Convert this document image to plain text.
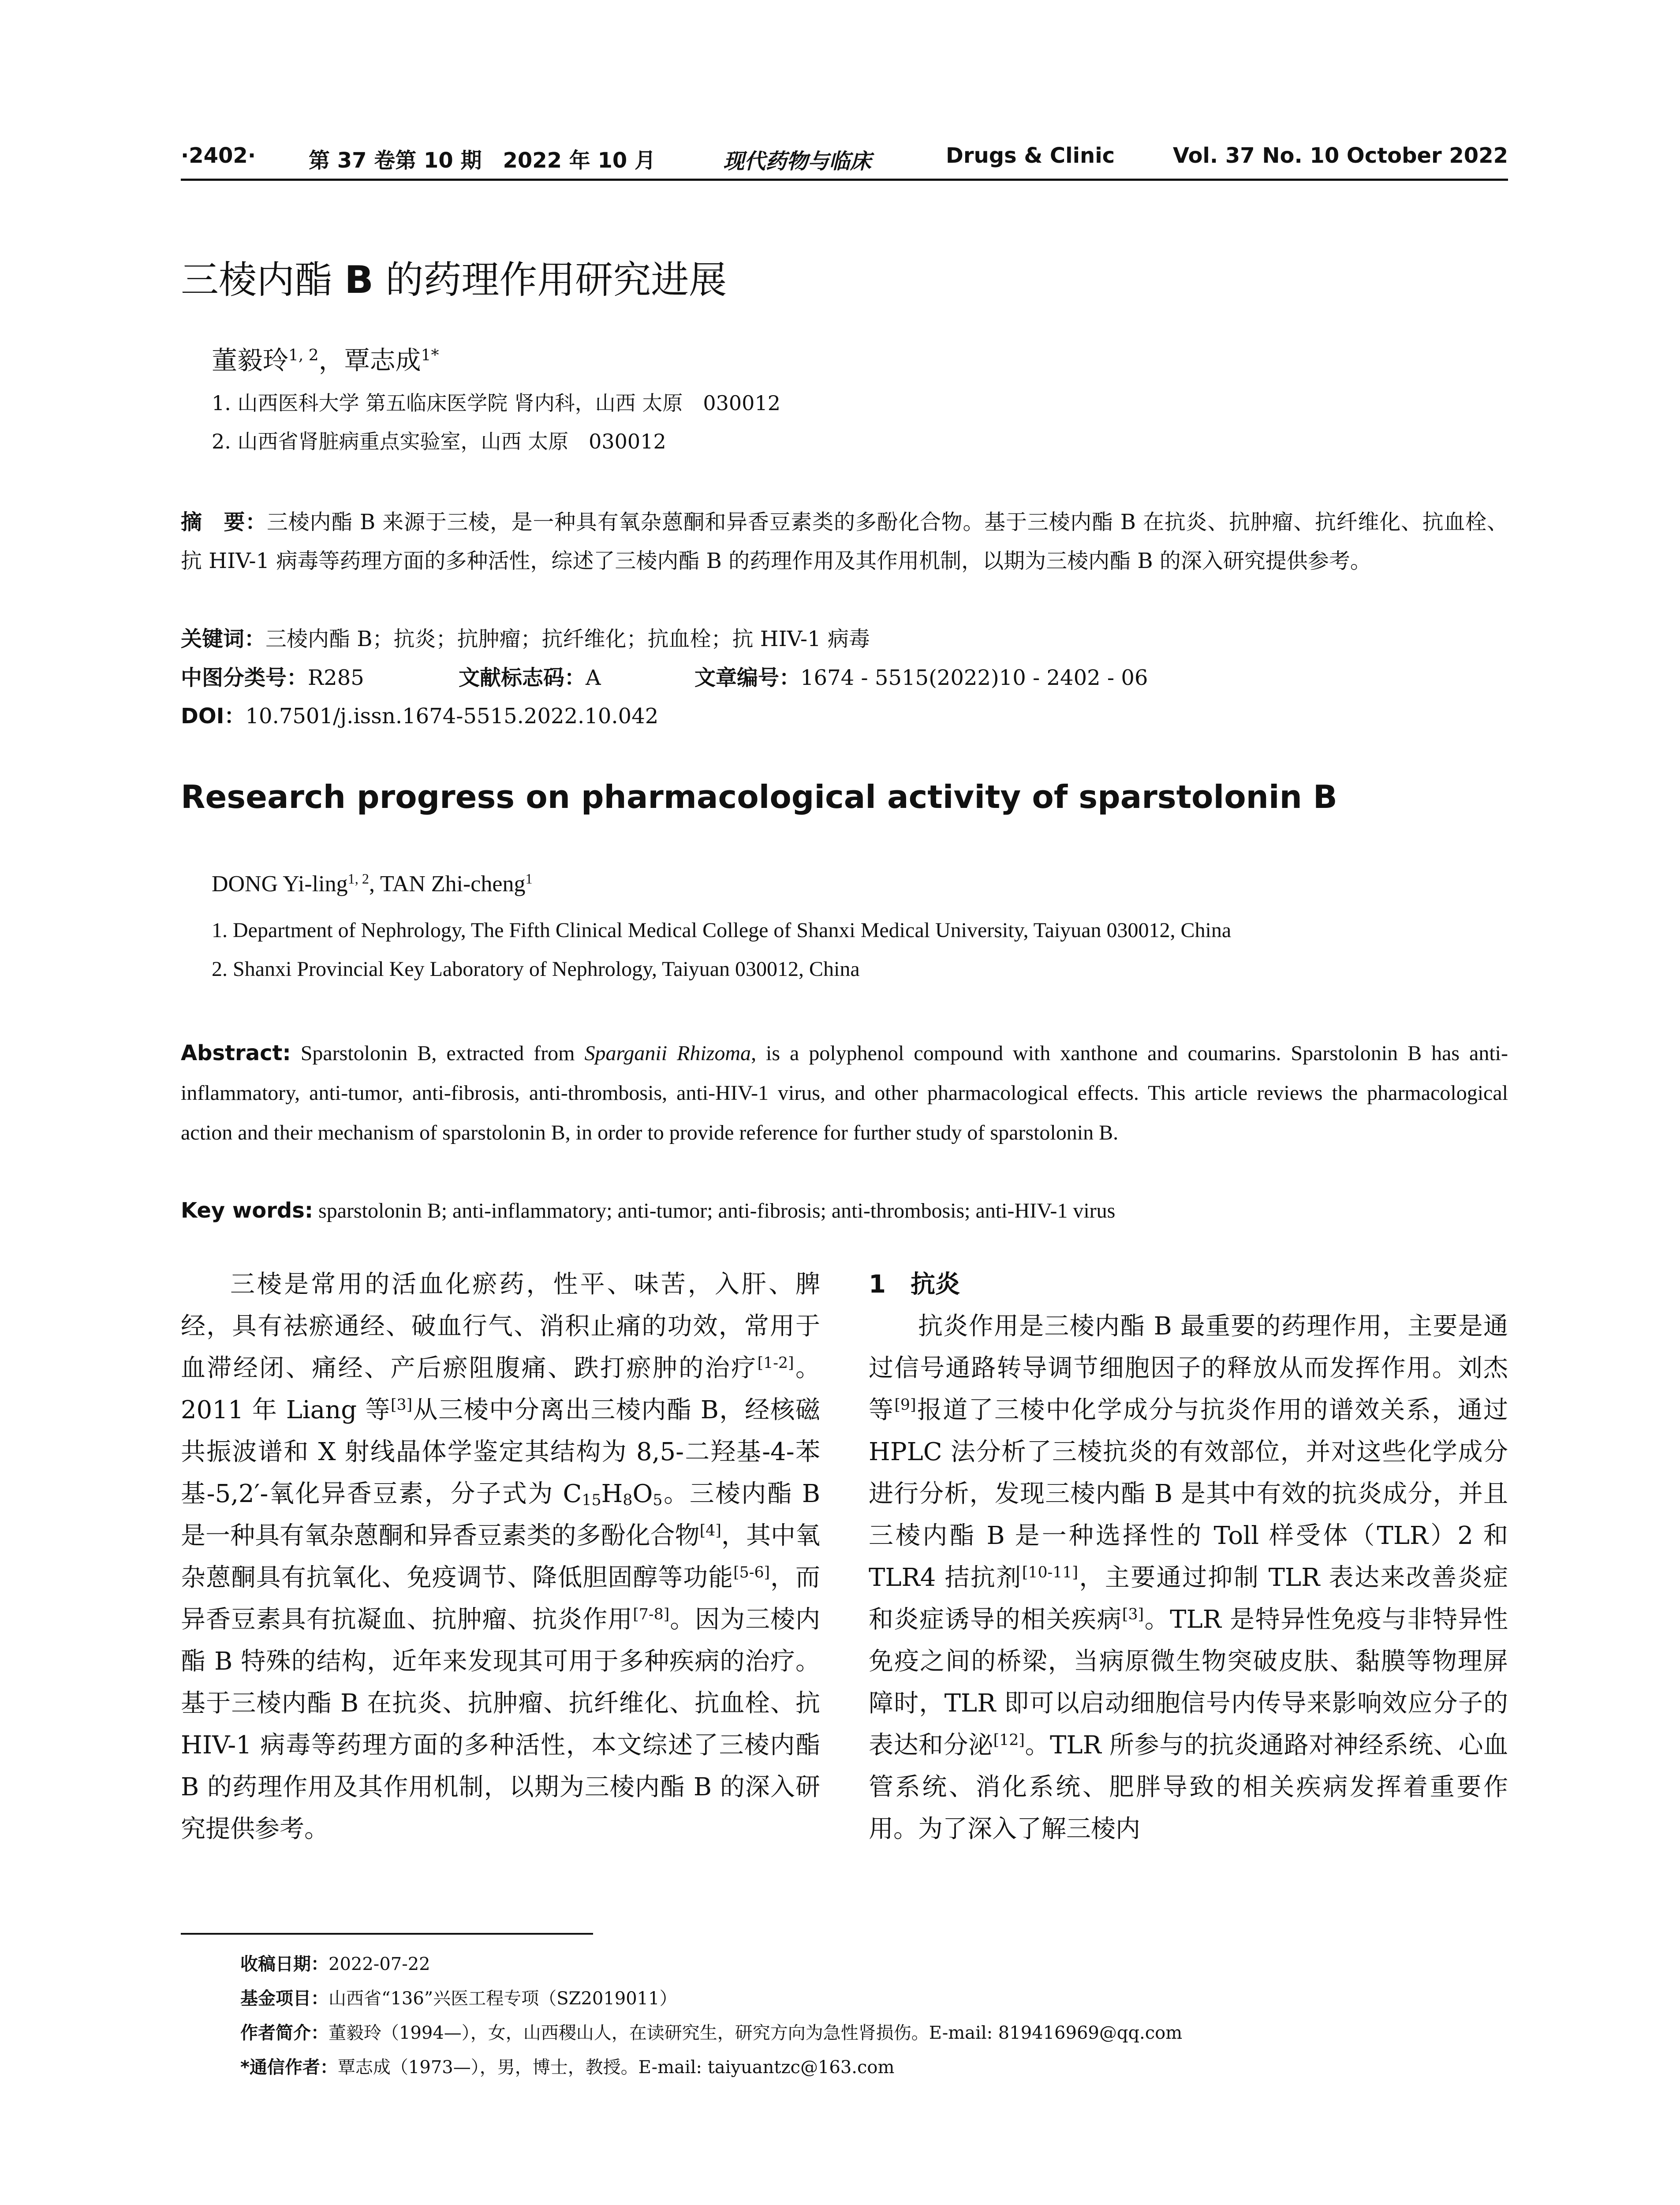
·2402· 第 37 卷第 10 期　2022 年 10 月	现代药物与临床	Drugs & Clinic	Vol. 37 No. 10 October 2022
三棱内酯 B 的药理作用研究进展
董毅玲$^{1, 2}$，覃志成$^{1*}$
1. 山西医科大学 第五临床医学院 肾内科，山西 太原　030012
2. 山西省肾脏病重点实验室，山西 太原　030012
摘　要：三棱内酯 B 来源于三棱，是一种具有氧杂蒽酮和异香豆素类的多酚化合物。基于三棱内酯 B 在抗炎、抗肿瘤、抗纤维化、抗血栓、抗 HIV-1 病毒等药理方面的多种活性，综述了三棱内酯 B 的药理作用及其作用机制，以期为三棱内酯 B 的深入研究提供参考。
关键词：三棱内酯 B；抗炎；抗肿瘤；抗纤维化；抗血栓；抗 HIV-1 病毒
中图分类号：R285	文献标志码：A	文章编号：1674 - 5515(2022)10 - 2402 - 06
DOI：10.7501/j.issn.1674-5515.2022.10.042
Research progress on pharmacological activity of sparstolonin B
DONG Yi-ling$^{1, 2}$, TAN Zhi-cheng$^1$
1. Department of Nephrology, The Fifth Clinical Medical College of Shanxi Medical University, Taiyuan 030012, China
2. Shanxi Provincial Key Laboratory of Nephrology, Taiyuan 030012, China
Abstract: Sparstolonin B, extracted from Sparganii Rhizoma, is a polyphenol compound with xanthone and coumarins. Sparstolonin B has anti-inflammatory, anti-tumor, anti-fibrosis, anti-thrombosis, anti-HIV-1 virus, and other pharmacological effects. This article reviews the pharmacological action and their mechanism of sparstolonin B, in order to provide reference for further study of sparstolonin B.
Key words: sparstolonin B; anti-inflammatory; anti-tumor; anti-fibrosis; anti-thrombosis; anti-HIV-1 virus

三棱是常用的活血化瘀药，性平、味苦，入肝、脾经，具有祛瘀通经、破血行气、消积止痛的功效，常用于血滞经闭、痛经、产后瘀阻腹痛、跌打瘀肿的治疗[1-2]。2011 年 Liang 等[3]从三棱中分离出三棱内酯 B，经核磁共振波谱和 X 射线晶体学鉴定其结构为 8,5-二羟基-4-苯基-5,2′-氧化异香豆素，分子式为 $C_{15}H_8O_5$。三棱内酯 B 是一种具有氧杂蒽酮和异香豆素类的多酚化合物[4]，其中氧杂蒽酮具有抗氧化、免疫调节、降低胆固醇等功能[5-6]，而异香豆素具有抗凝血、抗肿瘤、抗炎作用[7-8]。因为三棱内酯 B 特殊的结构，近年来发现其可用于多种疾病的治疗。基于三棱内酯 B 在抗炎、抗肿瘤、抗纤维化、抗血栓、抗 HIV-1 病毒等药理方面的多种活性，本文综述了三棱内酯 B 的药理作用及其作用机制，以期为三棱内酯 B 的深入研究提供参考。

1　 抗炎

抗炎作用是三棱内酯 B 最重要的药理作用，主要是通过信号通路转导调节细胞因子的释放从而发挥作用。刘杰等[9]报道了三棱中化学成分与抗炎作用的谱效关系，通过 HPLC 法分析了三棱抗炎的有效部位，并对这些化学成分进行分析，发现三棱内酯 B 是其中有效的抗炎成分，并且三棱内酯 B 是一种选择性的 Toll 样受体（TLR）2 和 TLR4 拮抗剂[10-11]，主要通过抑制 TLR 表达来改善炎症和炎症诱导的相关疾病[3]。TLR 是特异性免疫与非特异性免疫之间的桥梁，当病原微生物突破皮肤、黏膜等物理屏障时，TLR 即可以启动细胞信号内传导来影响效应分子的表达和分泌[12]。TLR 所参与的抗炎通路对神经系统、心血管系统、消化系统、肥胖导致的相关疾病发挥着重要作用。为了深入了解三棱内

收稿日期：2022-07-22
基金项目：山西省“136”兴医工程专项（SZ2019011）
作者简介：董毅玲（1994—），女，山西稷山人，在读研究生，研究方向为急性肾损伤。E-mail: 819416969@qq.com
*通信作者：覃志成（1973—），男，博士，教授。E-mail: taiyuantzc@163.com
